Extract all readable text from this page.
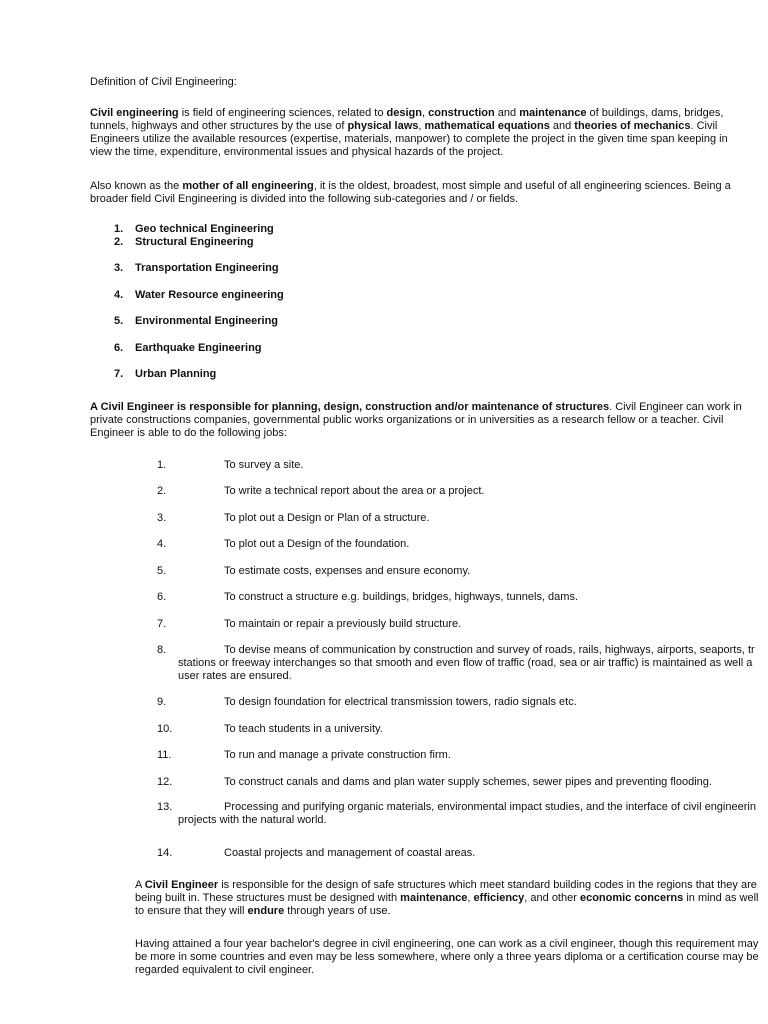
Definition of Civil Engineering:

Civil engineering is field of engineering sciences, related to design, construction and maintenance of buildings, dams, bridges, tunnels, highways and other structures by the use of physical laws, mathematical equations and theories of mechanics. Civil Engineers utilize the available resources (expertise, materials, manpower) to complete the project in the given time span keeping in view the time, expenditure, environmental issues and physical hazards of the project.

Also known as the mother of all engineering, it is the oldest, broadest, most simple and useful of all engineering sciences. Being a broader field Civil Engineering is divided into the following sub-categories and / or fields.

1. Geo technical Engineering
2. Structural Engineering
3. Transportation Engineering
4. Water Resource engineering
5. Environmental Engineering
6. Earthquake Engineering
7. Urban Planning

A Civil Engineer is responsible for planning, design, construction and/or maintenance of structures. Civil Engineer can work in private constructions companies, governmental public works organizations or in universities as a research fellow or a teacher. Civil Engineer is able to do the following jobs:

1.	To survey a site.
2.	To write a technical report about the area or a project.
3.	To plot out a Design or Plan of a structure.
4.	To plot out a Design of the foundation.
5.	To estimate costs, expenses and ensure economy.
6.	To construct a structure e.g. buildings, bridges, highways, tunnels, dams.
7.	To maintain or repair a previously build structure.
8.	To devise means of communication by construction and survey of roads, rails, highways, airports, seaports, tr
stations or freeway interchanges so that smooth and even flow of traffic (road, sea or air traffic) is maintained as well a
user rates are ensured.
9.	To design foundation for electrical transmission towers, radio signals etc.
10.	To teach students in a university.
11.	To run and manage a private construction firm.
12.	To construct canals and dams and plan water supply schemes, sewer pipes and preventing flooding.
13.	Processing and purifying organic materials, environmental impact studies, and the interface of civil engineerin
projects with the natural world.
14.	Coastal projects and management of coastal areas.

A Civil Engineer is responsible for the design of safe structures which meet standard building codes in the regions that they are being built in. These structures must be designed with maintenance, efficiency, and other economic concerns in mind as well to ensure that they will endure through years of use.

Having attained a four year bachelor's degree in civil engineering, one can work as a civil engineer, though this requirement may be more in some countries and even may be less somewhere, where only a three years diploma or a certification course may be regarded equivalent to civil engineer.
